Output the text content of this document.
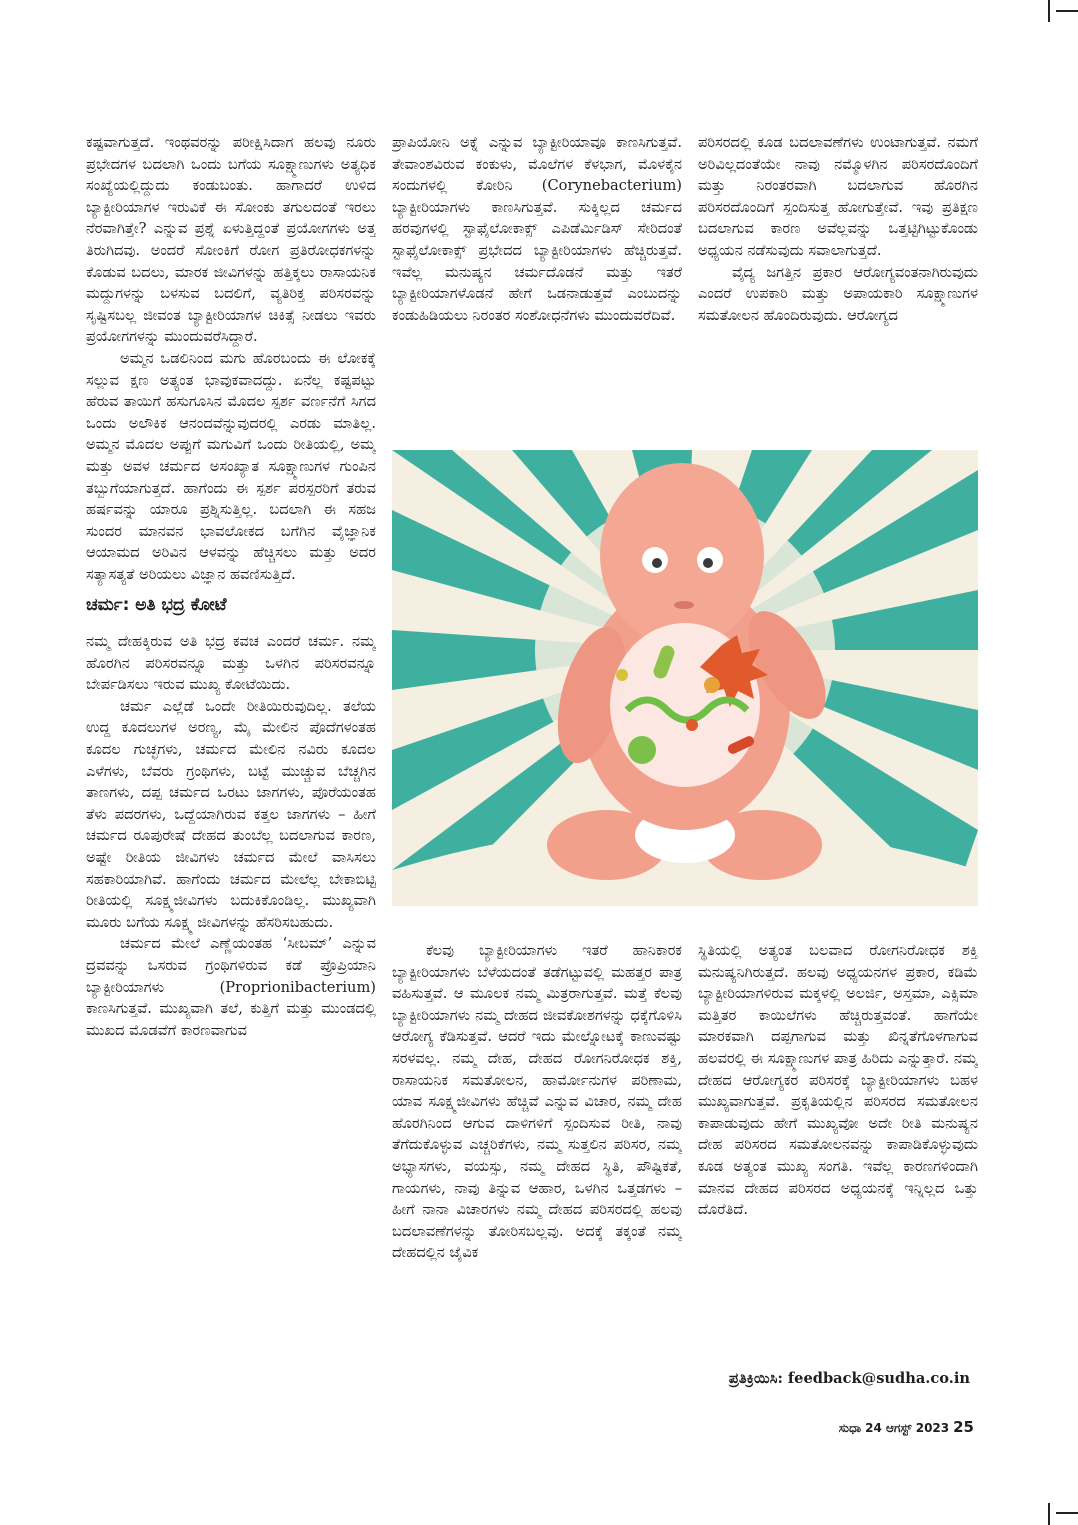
ಕಷ್ಟವಾಗುತ್ತದೆ. ಇಂಥವರನ್ನು ಪರೀಕ್ಷಿಸಿದಾಗ ಹಲವು ನೂರು ಪ್ರಭೇದಗಳ ಬದಲಾಗಿ ಒಂದು ಬಗೆಯ ಸೂಕ್ಷ್ಮಾಣುಗಳು ಅತ್ಯಧಿಕ ಸಂಖ್ಯೆಯಲ್ಲಿದ್ದುದು ಕಂಡುಬಂತು. ಹಾಗಾದರೆ ಉಳಿದ ಬ್ಯಾಕ್ಟೀರಿಯಾಗಳ ಇರುವಿಕೆ ಈ ಸೋಂಕು ತಗುಲದಂತೆ ಇರಲು ನೆರವಾಗಿತ್ತೇ? ಎನ್ನುವ ಪ್ರಶ್ನೆ ಏಳುತ್ತಿದ್ದಂತೆ ಪ್ರಯೋಗಗಳು ಅತ್ತ ತಿರುಗಿದವು. ಅಂದರೆ ಸೋಂಕಿಗೆ ರೋಗ ಪ್ರತಿರೋಧಕಗಳನ್ನು ಕೊಡುವ ಬದಲು, ಮಾರಕ ಜೀವಿಗಳನ್ನು ಹತ್ತಿಕ್ಕಲು ರಾಸಾಯನಿಕ ಮದ್ದುಗಳನ್ನು ಬಳಸುವ ಬದಲಿಗೆ, ವ್ಯತಿರಿಕ್ತ ಪರಿಸರವನ್ನು ಸೃಷ್ಟಿಸಬಲ್ಲ ಜೀವಂತ ಬ್ಯಾಕ್ಟೀರಿಯಾಗಳ ಚಿಕಿತ್ಸೆ ನೀಡಲು ಇವರು ಪ್ರಯೋಗಗಳನ್ನು ಮುಂದುವರೆಸಿದ್ದಾರೆ.

ಅಮ್ಮನ ಒಡಲಿನಿಂದ ಮಗು ಹೊರಬಂದು ಈ ಲೋಕಕ್ಕೆ ಸಲ್ಲುವ ಕ್ಷಣ ಅತ್ಯಂತ ಭಾವುಕವಾದದ್ದು. ಏನೆಲ್ಲ ಕಷ್ಟಪಟ್ಟು ಹೆರುವ ತಾಯಿಗೆ ಹಸುಗೂಸಿನ ಮೊದಲ ಸ್ಪರ್ಶ ವರ್ಣನೆಗೆ ಸಿಗದ ಒಂದು ಅಲೌಕಿಕ ಆನಂದವೆನ್ನುವುದರಲ್ಲಿ ಎರಡು ಮಾತಿಲ್ಲ. ಅಮ್ಮನ ಮೊದಲ ಅಪ್ಪುಗೆ ಮಗುವಿಗೆ ಒಂದು ರೀತಿಯಲ್ಲಿ, ಅಮ್ಮ ಮತ್ತು ಅವಳ ಚರ್ಮದ ಅಸಂಖ್ಯಾತ ಸೂಕ್ಷ್ಮಾಣುಗಳ ಗುಂಪಿನ ತಬ್ಬುಗೆಯಾಗುತ್ತದೆ. ಹಾಗೆಂದು ಈ ಸ್ಪರ್ಶ ಪರಸ್ಪರರಿಗೆ ತರುವ ಹರ್ಷವನ್ನು ಯಾರೂ ಪ್ರಶ್ನಿಸುತ್ತಿಲ್ಲ. ಬದಲಾಗಿ ಈ ಸಹಜ ಸುಂದರ ಮಾನವನ ಭಾವಲೋಕದ ಬಗೆಗಿನ ವೈಜ್ಞಾನಿಕ ಆಯಾಮದ ಅರಿವಿನ ಆಳವನ್ನು ಹೆಚ್ಚಿಸಲು ಮತ್ತು ಅದರ ಸತ್ಯಾಸತ್ಯತೆ ಅರಿಯಲು ವಿಜ್ಞಾನ ಹವಣಿಸುತ್ತಿದೆ.

ಚರ್ಮ: ಅತಿ ಭದ್ರ ಕೋಟೆ

ನಮ್ಮ ದೇಹಕ್ಕಿರುವ ಅತಿ ಭದ್ರ ಕವಚ ಎಂದರೆ ಚರ್ಮ. ನಮ್ಮ ಹೊರಗಿನ ಪರಿಸರವನ್ನೂ ಮತ್ತು ಒಳಗಿನ ಪರಿಸರವನ್ನೂ ಬೇರ್ಪಡಿಸಲು ಇರುವ ಮುಖ್ಯ ಕೋಟೆಯಿದು.

ಚರ್ಮ ಎಲ್ಲೆಡೆ ಒಂದೇ ರೀತಿಯಿರುವುದಿಲ್ಲ. ತಲೆಯ ಉದ್ದ ಕೂದಲುಗಳ ಅರಣ್ಯ, ಮೈ ಮೇಲಿನ ಪೊದೆಗಳಂತಹ ಕೂದಲ ಗುಚ್ಛಗಳು, ಚರ್ಮದ ಮೇಲಿನ ನವಿರು ಕೂದಲ ಎಳೆಗಳು, ಬೆವರು ಗ್ರಂಥಿಗಳು, ಬಟ್ಟೆ ಮುಚ್ಚುವ ಬೆಚ್ಚಗಿನ ತಾಣಗಳು, ದಪ್ಪ ಚರ್ಮದ ಒರಟು ಜಾಗಗಳು, ಪೊರೆಯಂತಹ ತೆಳು ಪದರಗಳು, ಒದ್ದೆಯಾಗಿರುವ ಕತ್ತಲ ಜಾಗಗಳು – ಹೀಗೆ ಚರ್ಮದ ರೂಪುರೇಷೆ ದೇಹದ ತುಂಬೆಲ್ಲ ಬದಲಾಗುವ ಕಾರಣ, ಅಷ್ಟೇ ರೀತಿಯ ಜೀವಿಗಳು ಚರ್ಮದ ಮೇಲೆ ವಾಸಿಸಲು ಸಹಕಾರಿಯಾಗಿವೆ. ಹಾಗೆಂದು ಚರ್ಮದ ಮೇಲೆಲ್ಲ ಬೇಕಾಬಿಟ್ಟಿ ರೀತಿಯಲ್ಲಿ ಸೂಕ್ಷ್ಮಜೀವಿಗಳು ಬದುಕಿಕೊಂಡಿಲ್ಲ. ಮುಖ್ಯವಾಗಿ ಮೂರು ಬಗೆಯ ಸೂಕ್ಷ್ಮ ಜೀವಿಗಳನ್ನು ಹೆಸರಿಸಬಹುದು.

ಚರ್ಮದ ಮೇಲೆ ಎಣ್ಣೆಯಂತಹ ‘ಸೀಬಮ್’ ಎನ್ನುವ ದ್ರವವನ್ನು ಒಸರುವ ಗ್ರಂಥಿಗಳಿರುವ ಕಡೆ ಪ್ರೊಪ್ರಿಯಾನಿ ಬ್ಯಾಕ್ಟೀರಿಯಾಗಳು (Proprionibacterium) ಕಾಣಸಿಗುತ್ತವೆ. ಮುಖ್ಯವಾಗಿ ತಲೆ, ಕುತ್ತಿಗೆ ಮತ್ತು ಮುಂಡದಲ್ಲಿ ಮುಖದ ಮೊಡವೆಗೆ ಕಾರಣವಾಗುವ

ಪ್ರಾಪಿಯೋನಿ ಅಕ್ನೆ ಎನ್ನುವ ಬ್ಯಾಕ್ಟೀರಿಯಾವೂ ಕಾಣಸಿಗುತ್ತವೆ. ತೇವಾಂಶವಿರುವ ಕಂಕುಳು, ಮೊಲೆಗಳ ಕೆಳಭಾಗ, ಮೊಳಕೈನ ಸಂದುಗಳಲ್ಲಿ ಕೋರಿನಿ (Corynebacterium) ಬ್ಯಾಕ್ಟೀರಿಯಾಗಳು ಕಾಣಸಿಗುತ್ತವೆ. ಸುಕ್ಕಿಲ್ಲದ ಚರ್ಮದ ಹರವುಗಳಲ್ಲಿ ಸ್ಟಾಫೈಲೋಕಾಕ್ಸ್ ಎಪಿಡೆರ್ಮಿಡಿಸ್ ಸೇರಿದಂತೆ ಸ್ಟಾಫೈಲೋಕಾಕ್ಸ್ ಪ್ರಭೇದದ ಬ್ಯಾಕ್ಟೀರಿಯಾಗಳು ಹೆಚ್ಚಿರುತ್ತವೆ. ಇವೆಲ್ಲ ಮನುಷ್ಯನ ಚರ್ಮದೊಡನೆ ಮತ್ತು ಇತರೆ ಬ್ಯಾಕ್ಟೀರಿಯಾಗಳೊಡನೆ ಹೇಗೆ ಒಡನಾಡುತ್ತವೆ ಎಂಬುದನ್ನು ಕಂಡುಹಿಡಿಯಲು ನಿರಂತರ ಸಂಶೋಧನೆಗಳು ಮುಂದುವರೆದಿವೆ.

ಪರಿಸರದಲ್ಲಿ ಕೂಡ ಬದಲಾವಣೆಗಳು ಉಂಟಾಗುತ್ತವೆ. ನಮಗೆ ಅರಿವಿಲ್ಲದಂತೆಯೇ ನಾವು ನಮ್ಮೊಳಗಿನ ಪರಿಸರದೊಂದಿಗೆ ಮತ್ತು ನಿರಂತರವಾಗಿ ಬದಲಾಗುವ ಹೊರಗಿನ ಪರಿಸರದೊಂದಿಗೆ ಸ್ಪಂದಿಸುತ್ತ ಹೋಗುತ್ತೇವೆ. ಇವು ಪ್ರತಿಕ್ಷಣ ಬದಲಾಗುವ ಕಾರಣ ಅವೆಲ್ಲವನ್ನು ಒತ್ತಟ್ಟಿಗಿಟ್ಟುಕೊಂಡು ಅಧ್ಯಯನ ನಡೆಸುವುದು ಸವಾಲಾಗುತ್ತದೆ.

ವೈದ್ಯ ಜಗತ್ತಿನ ಪ್ರಕಾರ ಆರೋಗ್ಯವಂತನಾಗಿರುವುದು ಎಂದರೆ ಉಪಕಾರಿ ಮತ್ತು ಅಪಾಯಕಾರಿ ಸೂಕ್ಷ್ಮಾಣುಗಳ ಸಮತೋಲನ ಹೊಂದಿರುವುದು. ಆರೋಗ್ಯದ

ಕೆಲವು ಬ್ಯಾಕ್ಟೀರಿಯಾಗಳು ಇತರೆ ಹಾನಿಕಾರಕ ಬ್ಯಾಕ್ಟೀರಿಯಾಗಳು ಬೆಳೆಯದಂತೆ ತಡೆಗಟ್ಟುವಲ್ಲಿ ಮಹತ್ತರ ಪಾತ್ರ ವಹಿಸುತ್ತವೆ. ಆ ಮೂಲಕ ನಮ್ಮ ಮಿತ್ರರಾಗುತ್ತವೆ. ಮತ್ತೆ ಕೆಲವು ಬ್ಯಾಕ್ಟೀರಿಯಾಗಳು ನಮ್ಮ ದೇಹದ ಜೀವಕೋಶಗಳನ್ನು ಧಕ್ಕೆಗೊಳಿಸಿ ಆರೋಗ್ಯ ಕೆಡಿಸುತ್ತವೆ. ಆದರೆ ಇದು ಮೇಲ್ನೋಟಕ್ಕೆ ಕಾಣುವಷ್ಟು ಸರಳವಲ್ಲ. ನಮ್ಮ ದೇಹ, ದೇಹದ ರೋಗನಿರೋಧಕ ಶಕ್ತಿ, ರಾಸಾಯನಿಕ ಸಮತೋಲನ, ಹಾರ್ಮೋನುಗಳ ಪರಿಣಾಮ, ಯಾವ ಸೂಕ್ಷ್ಮಜೀವಿಗಳು ಹೆಚ್ಚಿವೆ ಎನ್ನುವ ವಿಚಾರ, ನಮ್ಮ ದೇಹ ಹೊರಗಿನಿಂದ ಆಗುವ ದಾಳಿಗಳಿಗೆ ಸ್ಪಂದಿಸುವ ರೀತಿ, ನಾವು ತೆಗೆದುಕೊಳ್ಳುವ ಎಚ್ಚರಿಕೆಗಳು, ನಮ್ಮ ಸುತ್ತಲಿನ ಪರಿಸರ, ನಮ್ಮ ಅಭ್ಯಾಸಗಳು, ವಯಸ್ಸು, ನಮ್ಮ ದೇಹದ ಸ್ಥಿತಿ, ಪೌಷ್ಟಿಕತೆ, ಗಾಯಗಳು, ನಾವು ತಿನ್ನುವ ಆಹಾರ, ಒಳಗಿನ ಒತ್ತಡಗಳು – ಹೀಗೆ ನಾನಾ ವಿಚಾರಗಳು ನಮ್ಮ ದೇಹದ ಪರಿಸರದಲ್ಲಿ ಹಲವು ಬದಲಾವಣೆಗಳನ್ನು ತೋರಿಸಬಲ್ಲವು. ಅದಕ್ಕೆ ತಕ್ಕಂತೆ ನಮ್ಮ ದೇಹದಲ್ಲಿನ ಜೈವಿಕ

ಸ್ಥಿತಿಯಲ್ಲಿ ಅತ್ಯಂತ ಬಲವಾದ ರೋಗನಿರೋಧಕ ಶಕ್ತಿ ಮನುಷ್ಯನಿಗಿರುತ್ತದೆ. ಹಲವು ಅಧ್ಯಯನಗಳ ಪ್ರಕಾರ, ಕಡಿಮೆ ಬ್ಯಾಕ್ಟೀರಿಯಾಗಳಿರುವ ಮಕ್ಕಳಲ್ಲಿ ಅಲರ್ಜಿ, ಅಸ್ತಮಾ, ಎಕ್ಸಿಮಾ ಮತ್ತಿತರ ಕಾಯಿಲೆಗಳು ಹೆಚ್ಚಿರುತ್ತವಂತೆ. ಹಾಗೆಯೇ ಮಾರಕವಾಗಿ ದಪ್ಪಗಾಗುವ ಮತ್ತು ಖಿನ್ನತೆಗೊಳಗಾಗುವ ಹಲವರಲ್ಲಿ ಈ ಸೂಕ್ಷ್ಮಾಣುಗಳ ಪಾತ್ರ ಹಿರಿದು ಎನ್ನುತ್ತಾರೆ. ನಮ್ಮ ದೇಹದ ಆರೋಗ್ಯಕರ ಪರಿಸರಕ್ಕೆ ಬ್ಯಾಕ್ಟೀರಿಯಾಗಳು ಬಹಳ ಮುಖ್ಯವಾಗುತ್ತವೆ. ಪ್ರಕೃತಿಯಲ್ಲಿನ ಪರಿಸರದ ಸಮತೋಲನ ಕಾಪಾಡುವುದು ಹೇಗೆ ಮುಖ್ಯವೋ ಅದೇ ರೀತಿ ಮನುಷ್ಯನ ದೇಹ ಪರಿಸರದ ಸಮತೋಲನವನ್ನು ಕಾಪಾಡಿಕೊಳ್ಳುವುದು ಕೂಡ ಅತ್ಯಂತ ಮುಖ್ಯ ಸಂಗತಿ. ಇವೆಲ್ಲ ಕಾರಣಗಳಿಂದಾಗಿ ಮಾನವ ದೇಹದ ಪರಿಸರದ ಅಧ್ಯಯನಕ್ಕೆ ಇನ್ನಿಲ್ಲದ ಒತ್ತು ದೊರೆತಿದೆ.

ಪ್ರತಿಕ್ರಿಯಿಸಿ: feedback@sudha.co.in
ಸುಧಾ 24 ಆಗಸ್ಟ್ 2023 25
